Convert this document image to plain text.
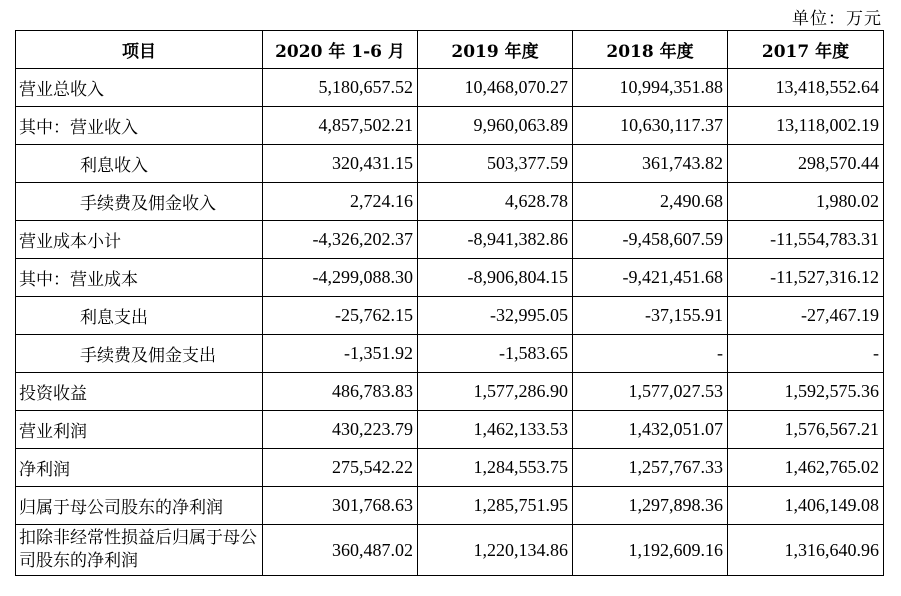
单位：万元
项目	2020 年 1-6 月	2019 年度	2018 年度	2017 年度
营业总收入	5,180,657.52	10,468,070.27	10,994,351.88	13,418,552.64
其中：营业收入	4,857,502.21	9,960,063.89	10,630,117.37	13,118,002.19
利息收入	320,431.15	503,377.59	361,743.82	298,570.44
手续费及佣金收入	2,724.16	4,628.78	2,490.68	1,980.02
营业成本小计	-4,326,202.37	-8,941,382.86	-9,458,607.59	-11,554,783.31
其中：营业成本	-4,299,088.30	-8,906,804.15	-9,421,451.68	-11,527,316.12
利息支出	-25,762.15	-32,995.05	-37,155.91	-27,467.19
手续费及佣金支出	-1,351.92	-1,583.65	-	-
投资收益	486,783.83	1,577,286.90	1,577,027.53	1,592,575.36
营业利润	430,223.79	1,462,133.53	1,432,051.07	1,576,567.21
净利润	275,542.22	1,284,553.75	1,257,767.33	1,462,765.02
归属于母公司股东的净利润	301,768.63	1,285,751.95	1,297,898.36	1,406,149.08
扣除非经常性损益后归属于母公司股东的净利润	360,487.02	1,220,134.86	1,192,609.16	1,316,640.96
